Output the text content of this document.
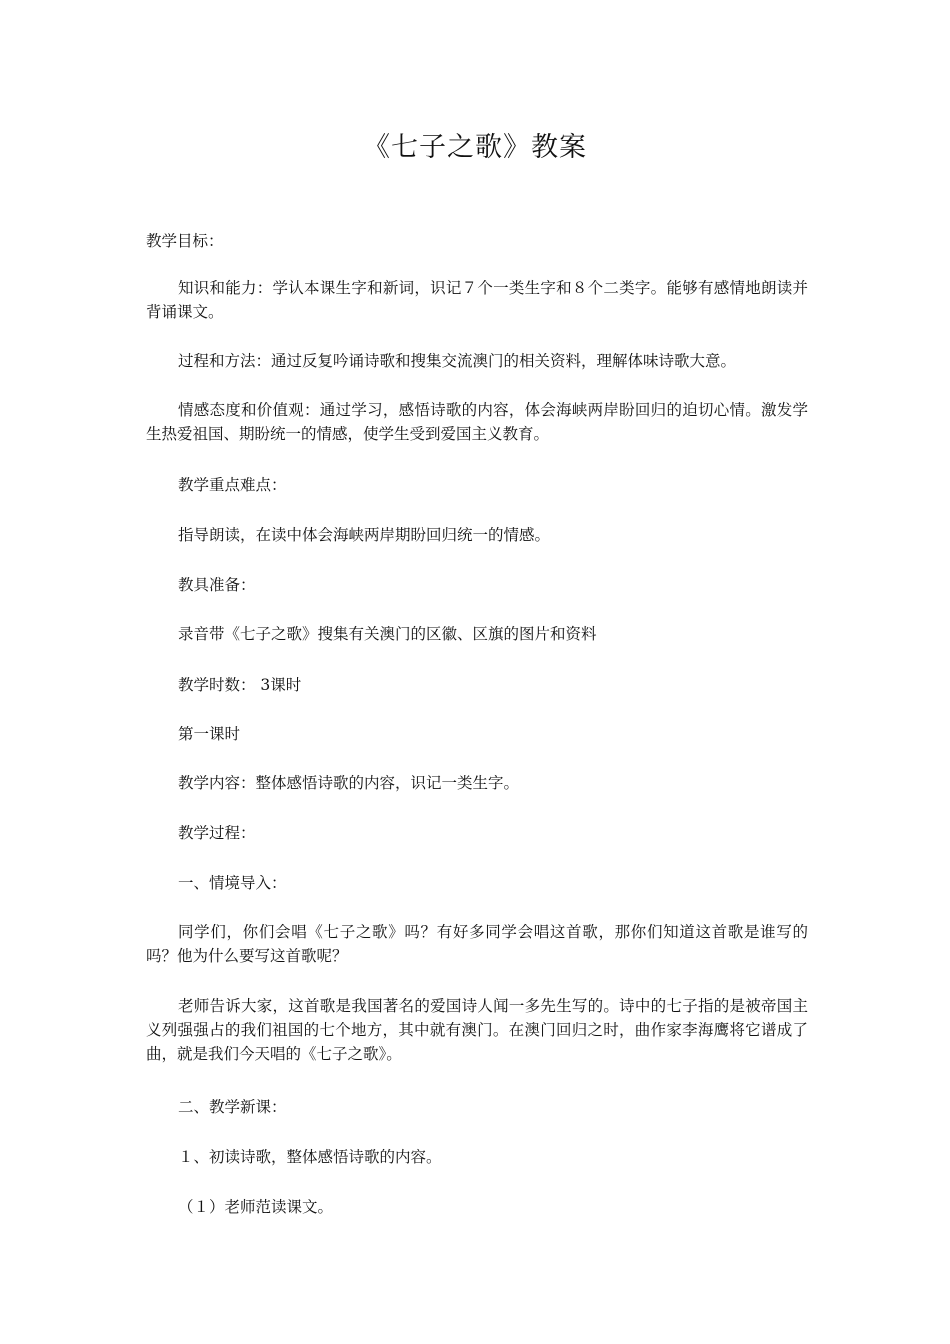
《七子之歌》教案

教学目标：

知识和能力：学认本课生字和新词，识记７个一类生字和８个二类字。能够有感情地朗读并背诵课文。

过程和方法：通过反复吟诵诗歌和搜集交流澳门的相关资料，理解体味诗歌大意。

情感态度和价值观：通过学习，感悟诗歌的内容，体会海峡两岸盼回归的迫切心情。激发学生热爱祖国、期盼统一的情感，使学生受到爱国主义教育。

教学重点难点：

指导朗读，在读中体会海峡两岸期盼回归统一的情感。

教具准备：

录音带《七子之歌》搜集有关澳门的区徽、区旗的图片和资料

教学时数： 3课时

第一课时

教学内容：整体感悟诗歌的内容，识记一类生字。

教学过程：

一、情境导入：

同学们，你们会唱《七子之歌》吗？有好多同学会唱这首歌，那你们知道这首歌是谁写的吗？他为什么要写这首歌呢？

老师告诉大家，这首歌是我国著名的爱国诗人闻一多先生写的。诗中的七子指的是被帝国主义列强强占的我们祖国的七个地方，其中就有澳门。在澳门回归之时，曲作家李海鹰将它谱成了曲，就是我们今天唱的《七子之歌》。

二、教学新课：

１、初读诗歌，整体感悟诗歌的内容。

（１）老师范读课文。
